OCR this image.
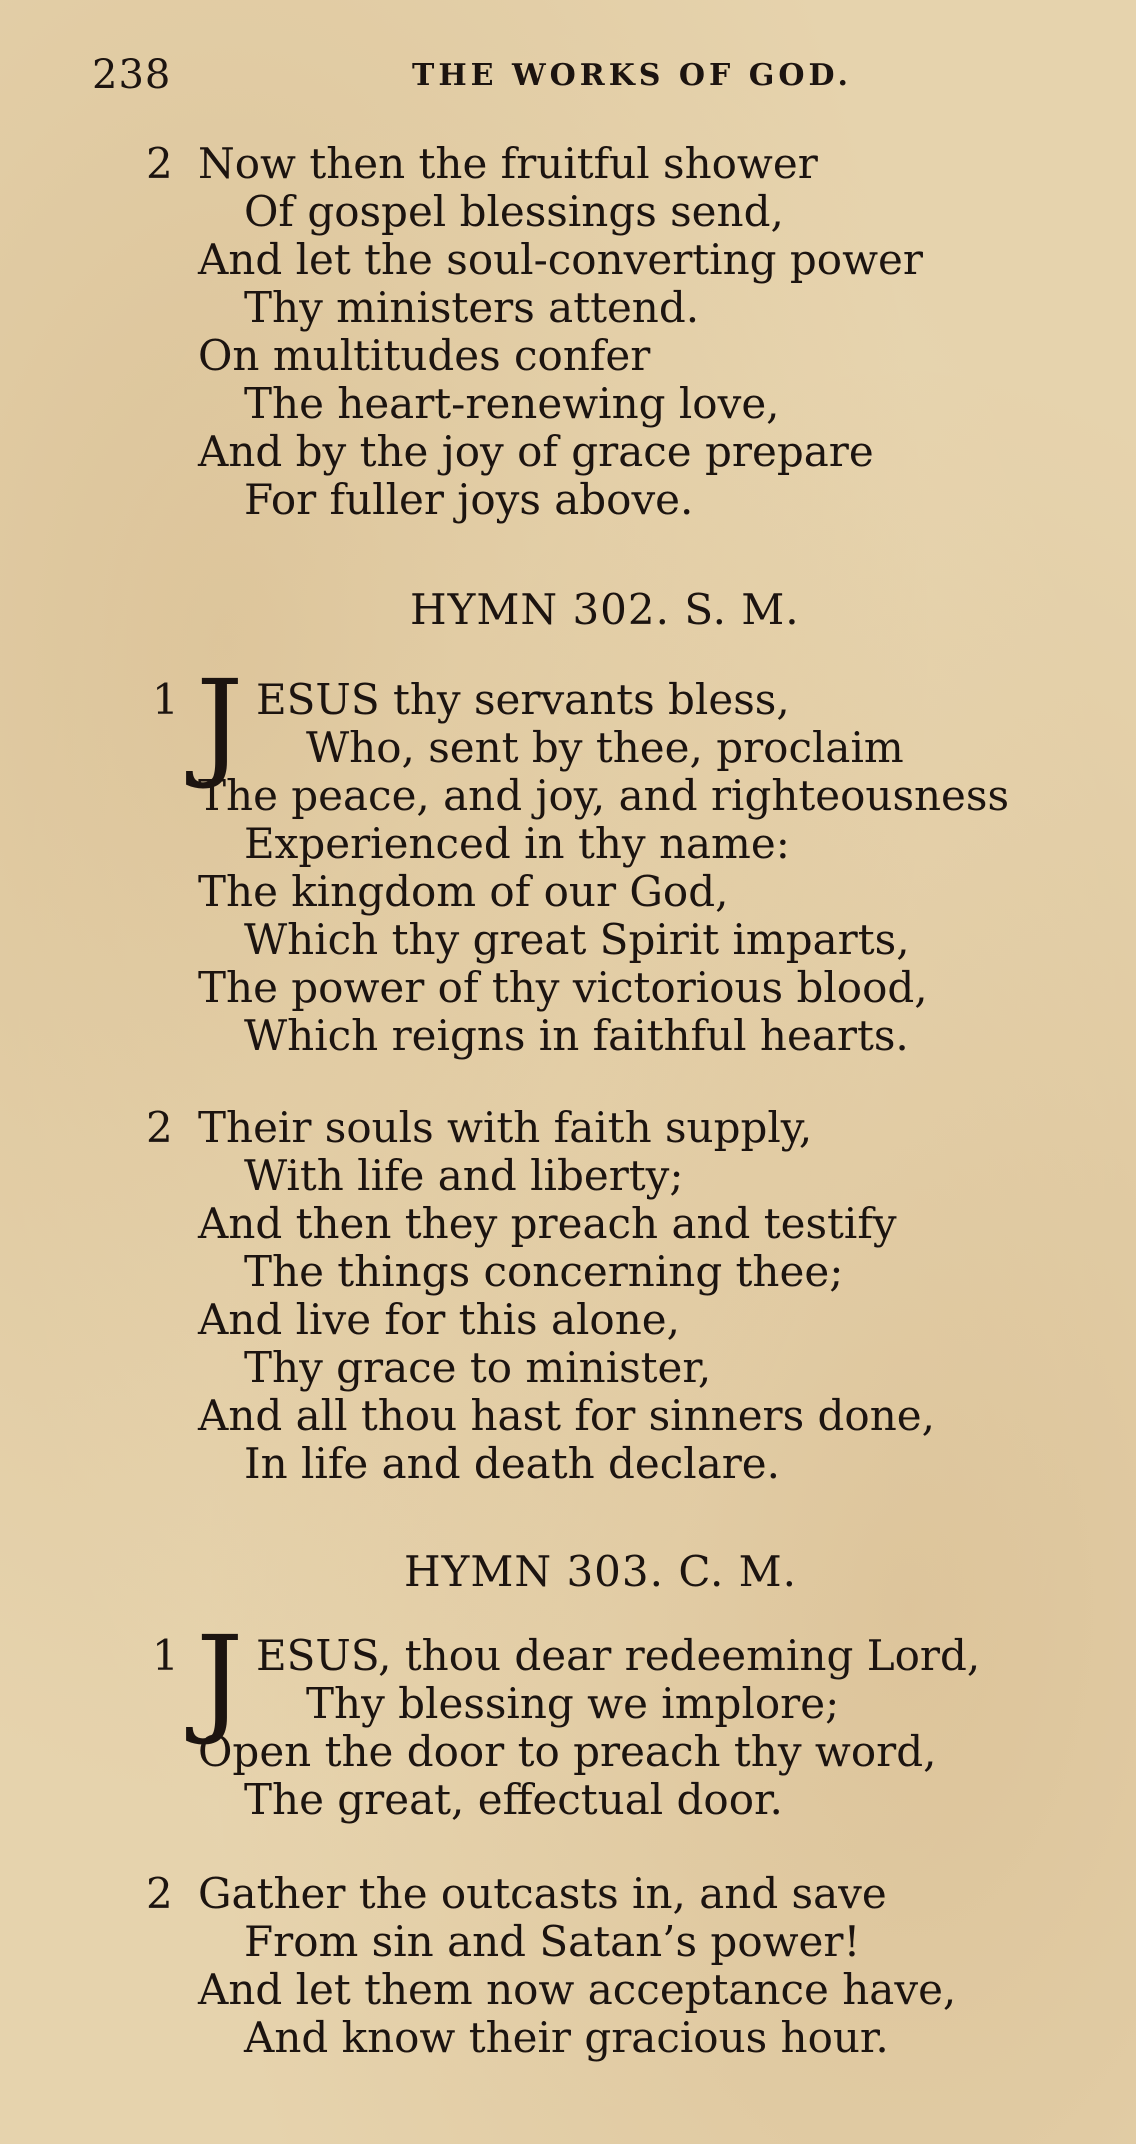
238	THE WORKS OF GOD.
2 Now then the fruitful shower
Of gospel blessings send,
And let the soul-converting power
Thy ministers attend.
On multitudes confer
The heart-renewing love,
And by the joy of grace prepare
For fuller joys above.
HYMN 302. S. M.
1 J ESUS thy servants bless,
Who, sent by thee, proclaim
The peace, and joy, and righteousness
Experienced in thy name:
The kingdom of our God,
Which thy great Spirit imparts,
The power of thy victorious blood,
Which reigns in faithful hearts.
2 Their souls with faith supply,
With life and liberty;
And then they preach and testify
The things concerning thee;
And live for this alone,
Thy grace to minister,
And all thou hast for sinners done,
In life and death declare.
HYMN 303. C. M.
1 J ESUS, thou dear redeeming Lord,
Thy blessing we implore;
Open the door to preach thy word,
The great, effectual door.
2 Gather the outcasts in, and save
From sin and Satan’s power!
And let them now acceptance have,
And know their gracious hour.
